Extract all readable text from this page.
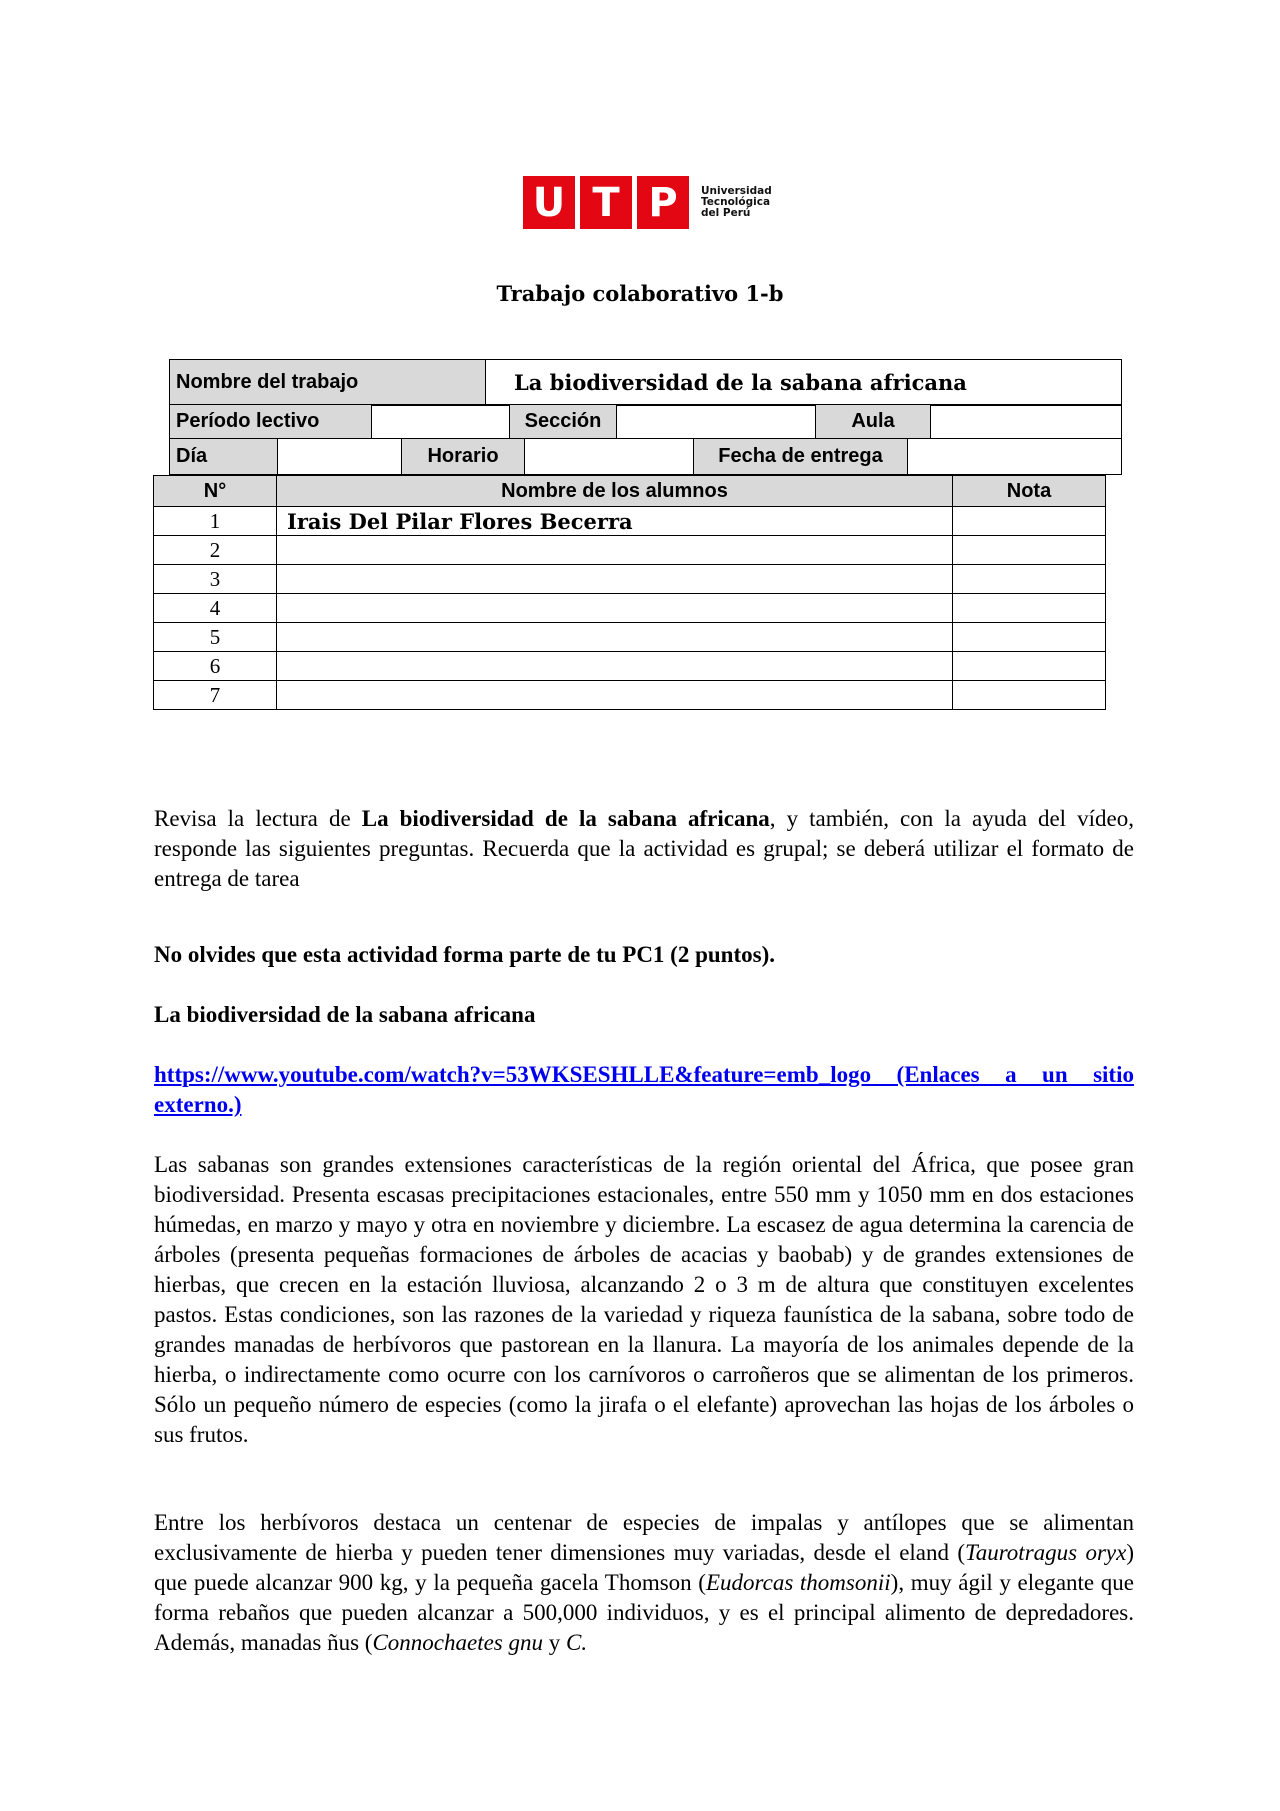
U T P	Universidad
Tecnológica
del Perú
Trabajo colaborativo 1-b
Nombre del trabajo	La biodiversidad de la sabana africana
Período lectivo		Sección		Aula	
Día		Horario		Fecha de entrega	
N°	Nombre de los alumnos	Nota
1	Irais Del Pilar Flores Becerra	
2		
3		
4		
5		
6		
7		

Revisa la lectura de La biodiversidad de la sabana africana, y también, con la ayuda del vídeo, responde las siguientes preguntas. Recuerda que la actividad es grupal; se deberá utilizar el formato de entrega de tarea

No olvides que esta actividad forma parte de tu PC1 (2 puntos).
La biodiversidad de la sabana africana
https://www.youtube.com/watch?v=53WKSESHLLE&feature=emb_logo (Enlaces a un sitio externo.)
Las sabanas son grandes extensiones características de la región oriental del África, que posee gran biodiversidad. Presenta escasas precipitaciones estacionales, entre 550 mm y 1050 mm en dos estaciones húmedas, en marzo y mayo y otra en noviembre y diciembre. La escasez de agua determina la carencia de árboles (presenta pequeñas formaciones de árboles de acacias y baobab) y de grandes extensiones de hierbas, que crecen en la estación lluviosa, alcanzando 2 o 3 m de altura que constituyen excelentes pastos. Estas condiciones, son las razones de la variedad y riqueza faunística de la sabana, sobre todo de grandes manadas de herbívoros que pastorean en la llanura. La mayoría de los animales depende de la hierba, o indirectamente como ocurre con los carnívoros o carroñeros que se alimentan de los primeros. Sólo un pequeño número de especies (como la jirafa o el elefante) aprovechan las hojas de los árboles o sus frutos.

Entre los herbívoros destaca un centenar de especies de impalas y antílopes que se alimentan exclusivamente de hierba y pueden tener dimensiones muy variadas, desde el eland (Taurotragus oryx) que puede alcanzar 900 kg, y la pequeña gacela Thomson (Eudorcas thomsonii), muy ágil y elegante que forma rebaños que pueden alcanzar a 500,000 individuos, y es el principal alimento de depredadores. Además, manadas ñus (Connochaetes gnu y C.
